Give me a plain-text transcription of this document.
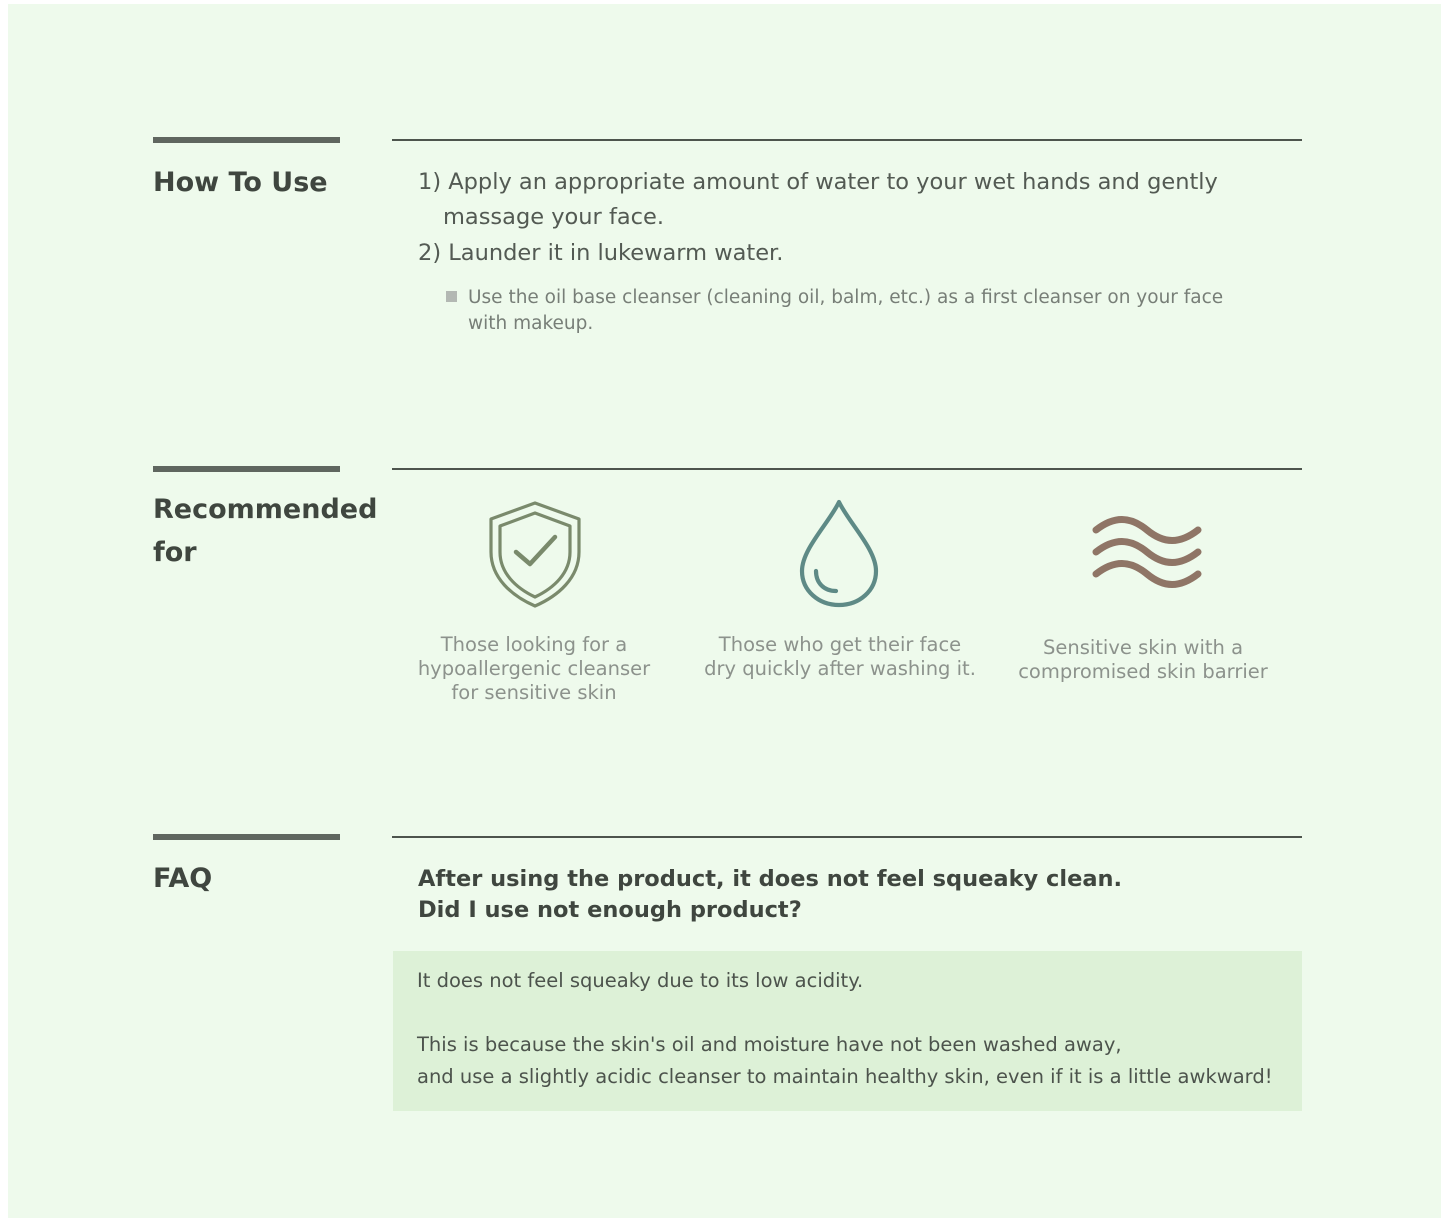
How To Use	1) Apply an appropriate amount of water to your wet hands and gently massage your face.

2) Launder it in lukewarm water.

Use the oil base cleanser (cleaning oil, balm, etc.) as a first cleanser on your face with makeup.

Recommended
for

Those looking for a
hypoallergenic cleanser
for sensitive skin

Those who get their face
dry quickly after washing it.

Sensitive skin with a
compromised skin barrier

FAQ	After using the product, it does not feel squeaky clean.
Did I use not enough product?

It does not feel squeaky due to its low acidity.

This is because the skin's oil and moisture have not been washed away,

and use a slightly acidic cleanser to maintain healthy skin, even if it is a little awkward!
